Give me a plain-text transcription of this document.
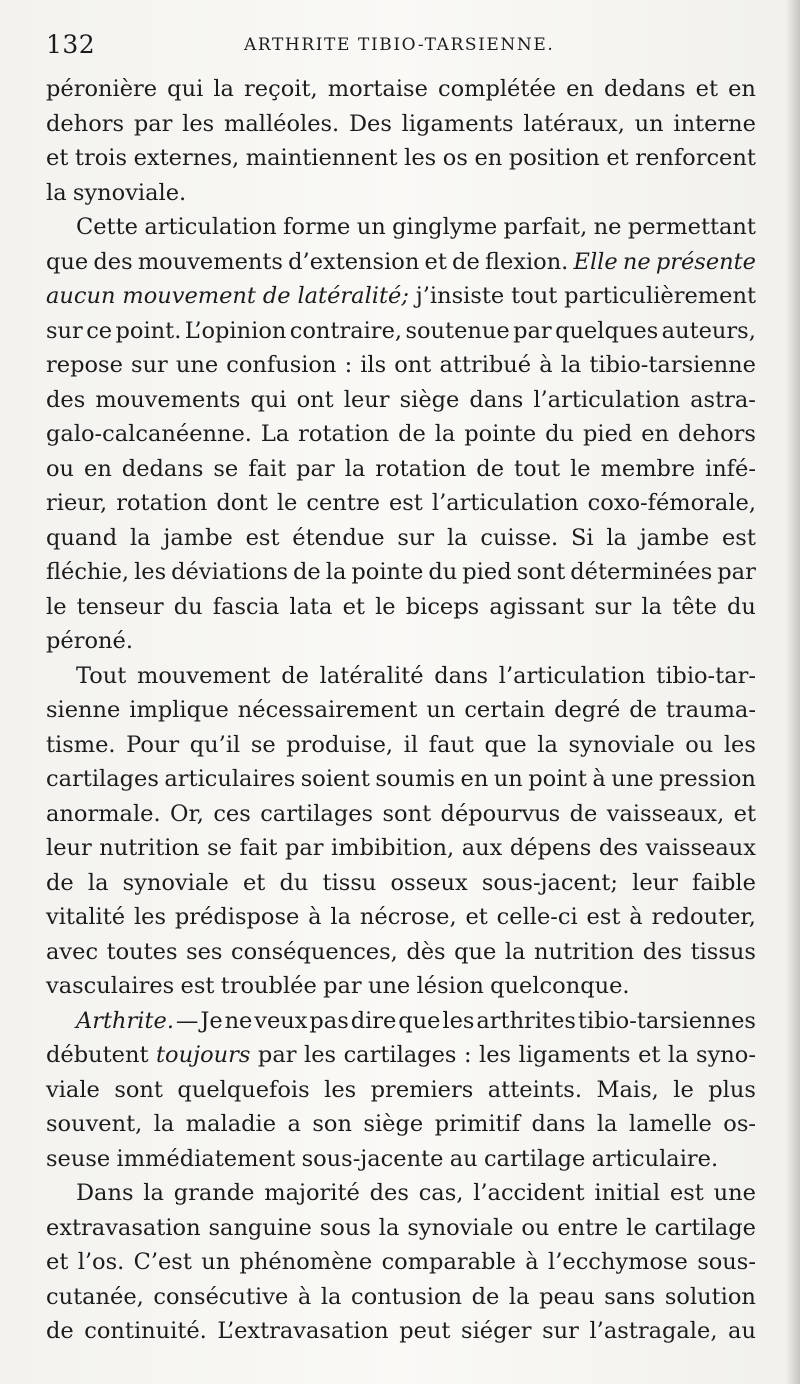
132	ARTHRITE TIBIO-TARSIENNE.
péronière qui la reçoit, mortaise complétée en dedans et en
dehors par les malléoles. Des ligaments latéraux, un interne
et trois externes, maintiennent les os en position et renforcent
la synoviale.
Cette articulation forme un ginglyme parfait, ne permettant
que des mouvements d’extension et de flexion. Elle ne présente
aucun mouvement de latéralité; j’insiste tout particulièrement
sur ce point. L’opinion contraire, soutenue par quelques auteurs,
repose sur une confusion : ils ont attribué à la tibio-tarsienne
des mouvements qui ont leur siège dans l’articulation astra-
galo-calcanéenne. La rotation de la pointe du pied en dehors
ou en dedans se fait par la rotation de tout le membre infé-
rieur, rotation dont le centre est l’articulation coxo-fémorale,
quand la jambe est étendue sur la cuisse. Si la jambe est
fléchie, les déviations de la pointe du pied sont déterminées par
le tenseur du fascia lata et le biceps agissant sur la tête du
péroné.
Tout mouvement de latéralité dans l’articulation tibio-tar-
sienne implique nécessairement un certain degré de trauma-
tisme. Pour qu’il se produise, il faut que la synoviale ou les
cartilages articulaires soient soumis en un point à une pression
anormale. Or, ces cartilages sont dépourvus de vaisseaux, et
leur nutrition se fait par imbibition, aux dépens des vaisseaux
de la synoviale et du tissu osseux sous-jacent; leur faible
vitalité les prédispose à la nécrose, et celle-ci est à redouter,
avec toutes ses conséquences, dès que la nutrition des tissus
vasculaires est troublée par une lésion quelconque.
Arthrite. — Je ne veux pas dire que les arthrites tibio-tarsiennes
débutent toujours par les cartilages : les ligaments et la syno-
viale sont quelquefois les premiers atteints. Mais, le plus
souvent, la maladie a son siège primitif dans la lamelle os-
seuse immédiatement sous-jacente au cartilage articulaire.
Dans la grande majorité des cas, l’accident initial est une
extravasation sanguine sous la synoviale ou entre le cartilage
et l’os. C’est un phénomène comparable à l’ecchymose sous-
cutanée, consécutive à la contusion de la peau sans solution
de continuité. L’extravasation peut siéger sur l’astragale, au
